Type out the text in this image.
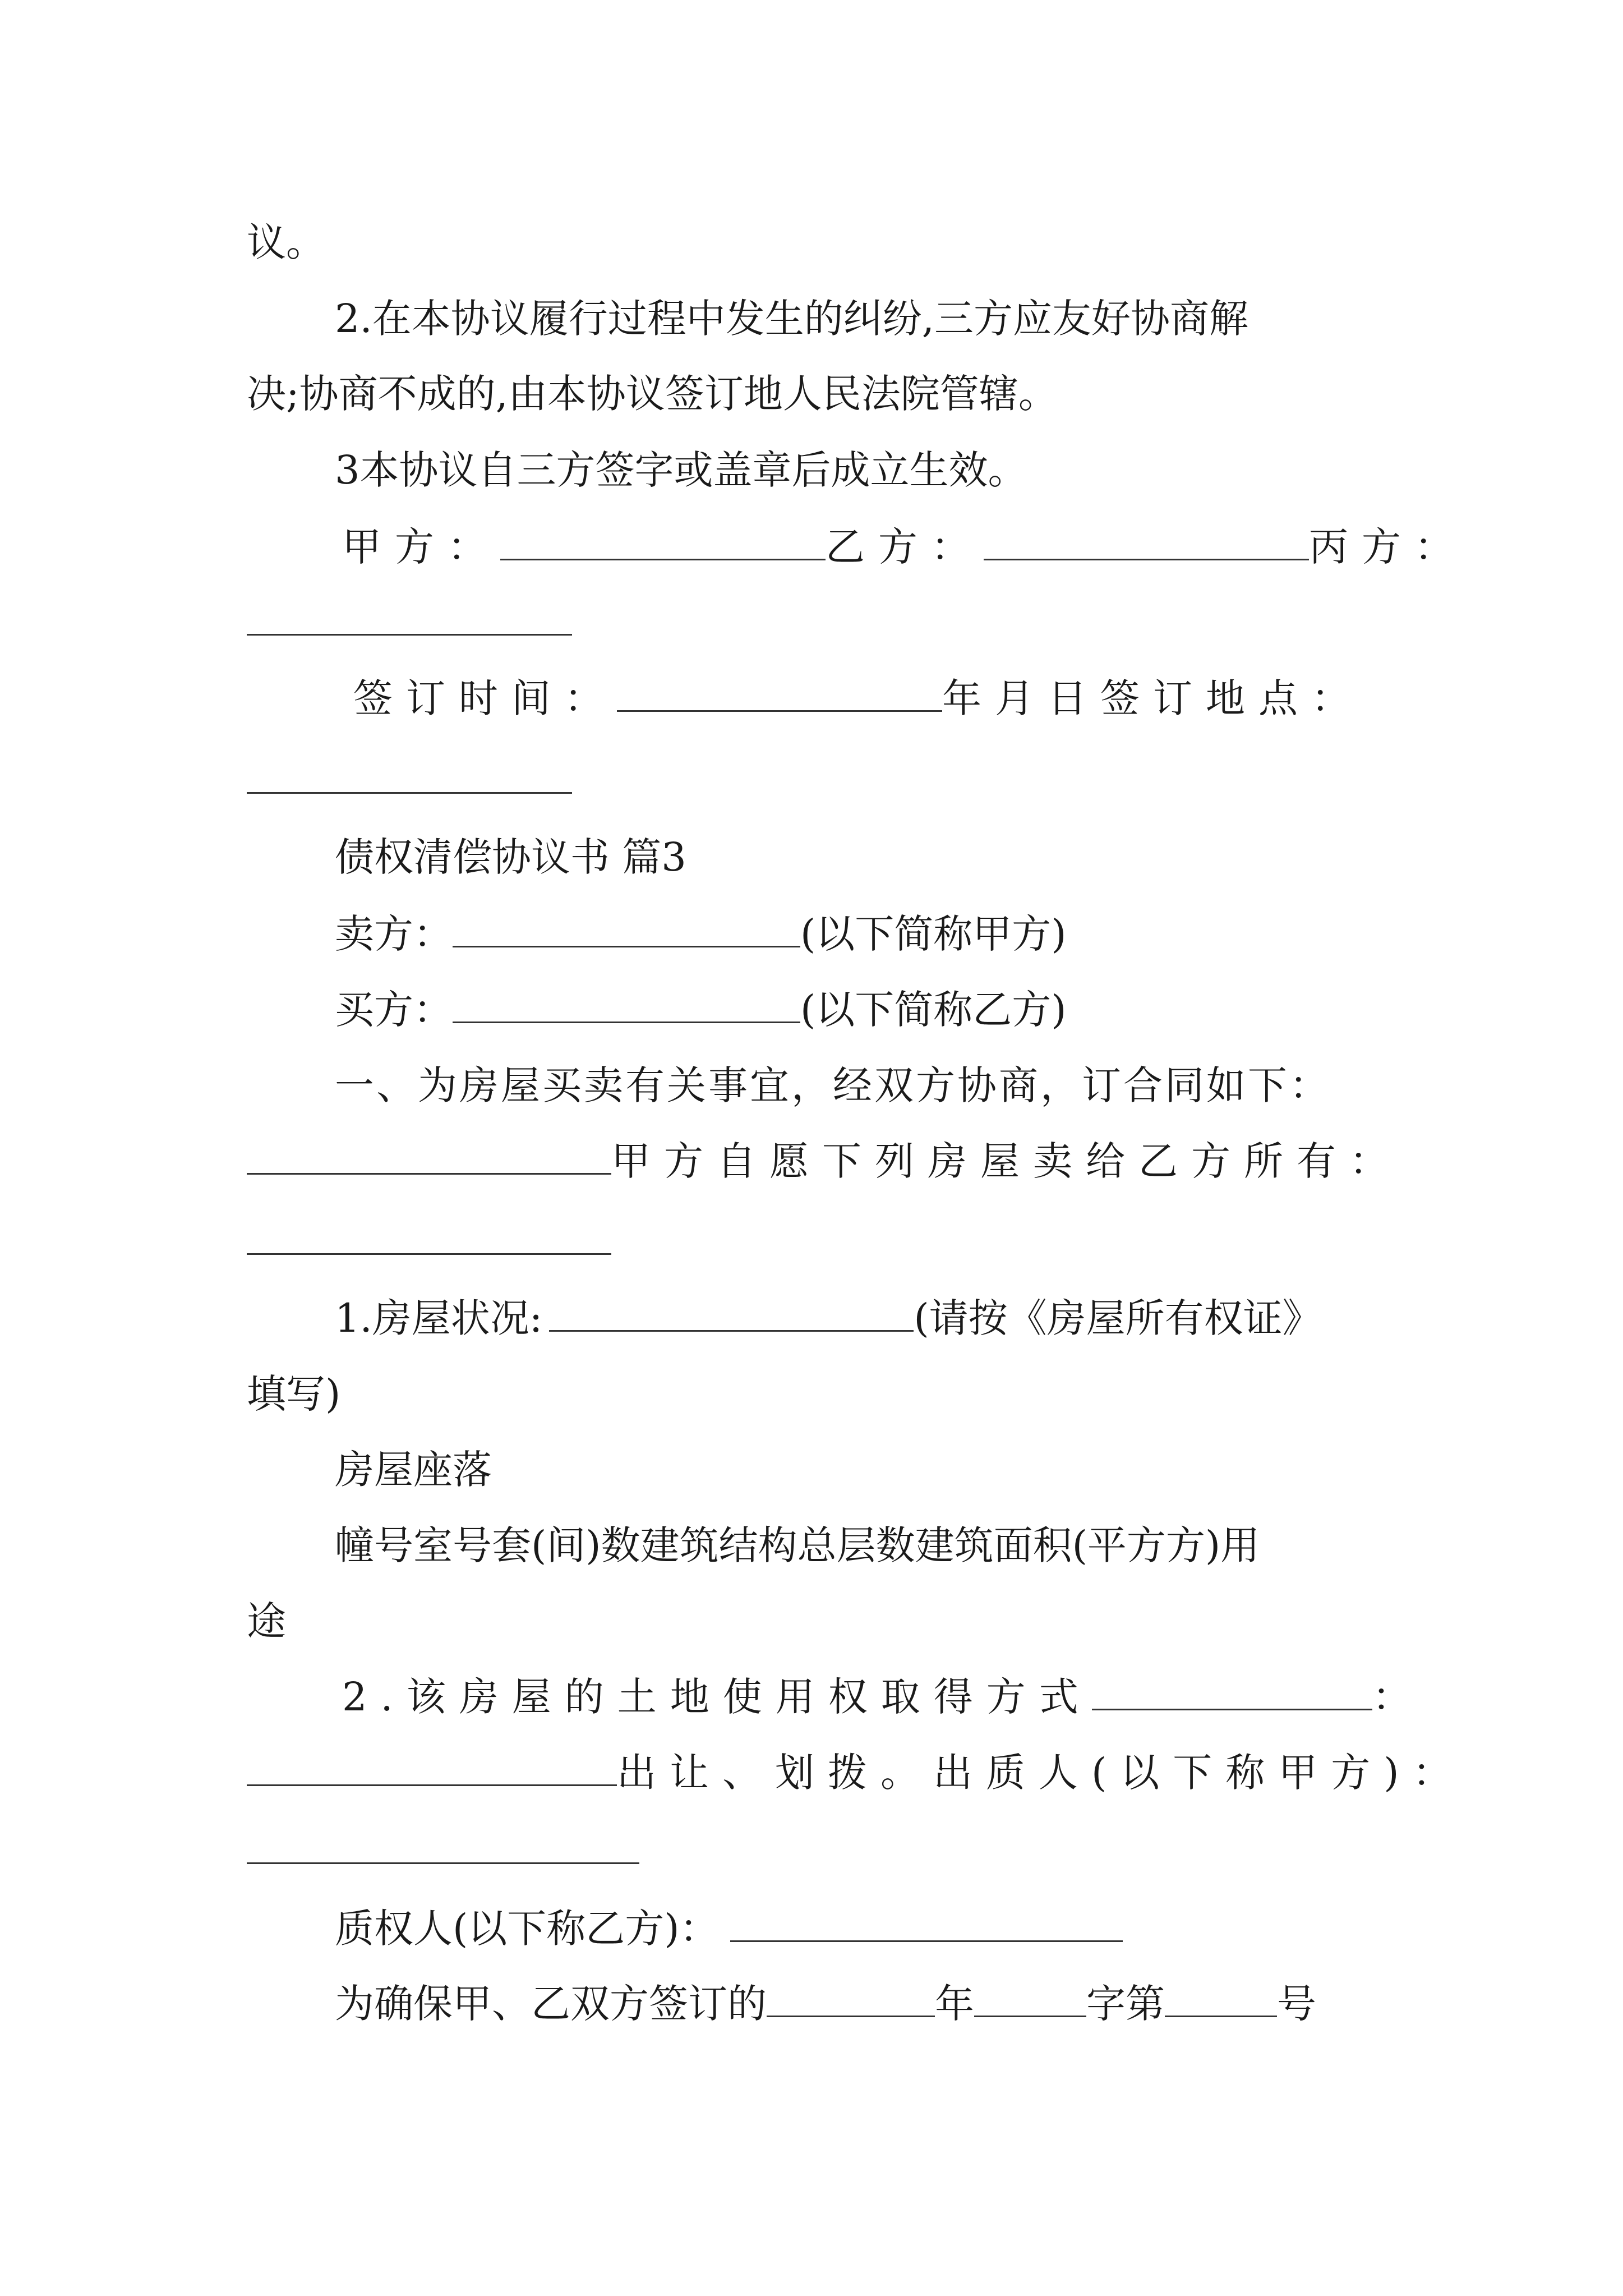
议。
2.在本协议履行过程中发生的纠纷,三方应友好协商解
决;协商不成的,由本协议签订地人民法院管辖。
3本协议自三方签字或盖章后成立生效。
甲方：	乙方：	丙方：
签订时间：	年月日签订地点：
债权清偿协议书 篇3
卖方：	(以下简称甲方)
买方：	(以下简称乙方)
一、为房屋买卖有关事宜，经双方协商，订合同如下：
甲方自愿下列房屋卖给乙方所有：
1.房屋状况:	(请按《房屋所有权证》
填写)
房屋座落
幢号室号套(间)数建筑结构总层数建筑面积(平方方)用
途
2.该房屋的土地使用权取得方式	：
出让、划拨。出质人(以下称甲方)：
质权人(以下称乙方)：
为确保甲、乙双方签订的	年	字第	号
